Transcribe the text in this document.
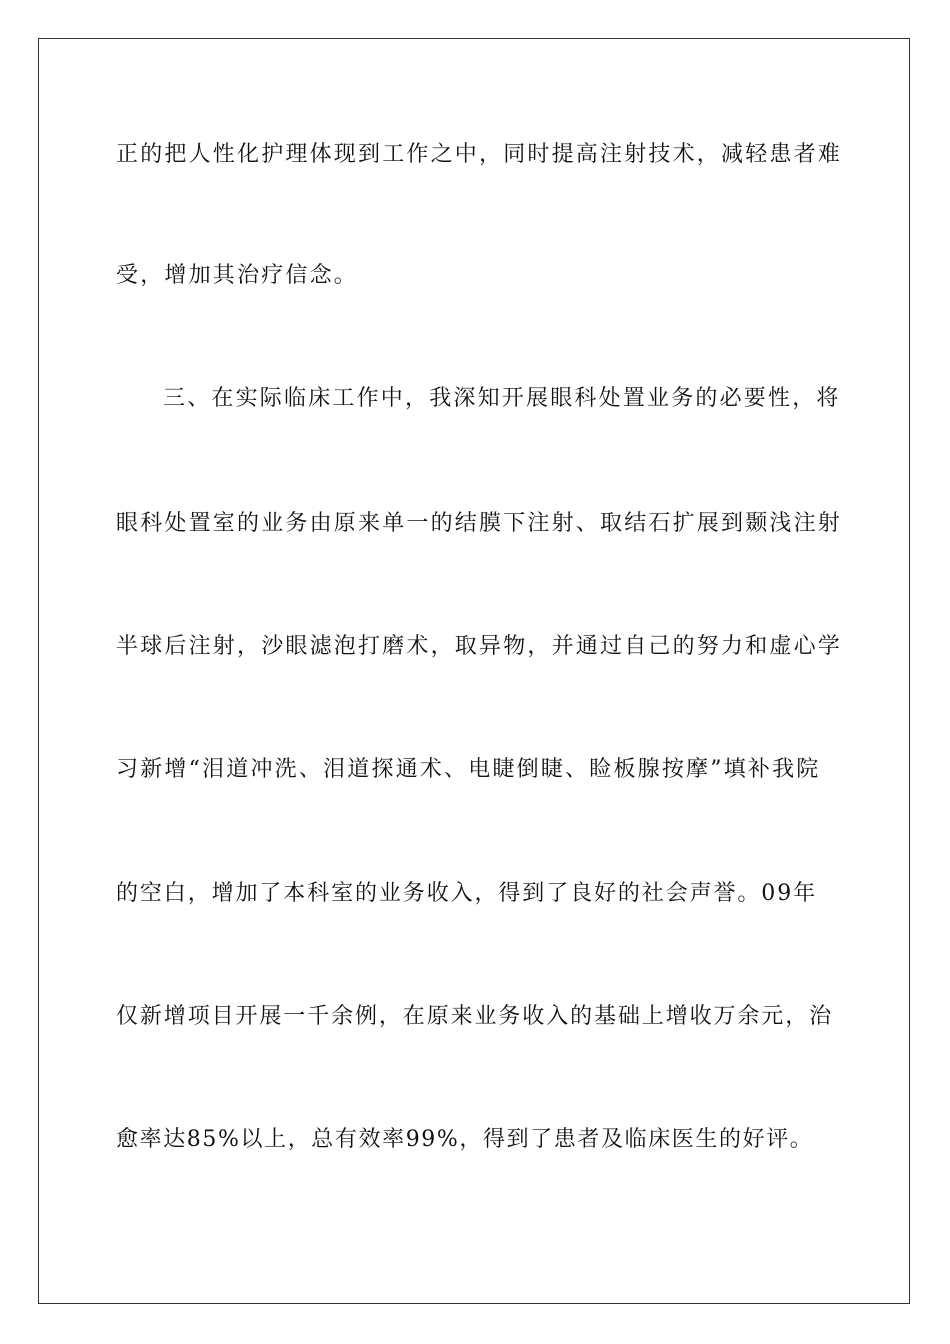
正的把人性化护理体现到工作之中，同时提高注射技术，减轻患者难
受，增加其治疗信念。
三、在实际临床工作中，我深知开展眼科处置业务的必要性，将
眼科处置室的业务由原来单一的结膜下注射、取结石扩展到颞浅注射
半球后注射，沙眼滤泡打磨术，取异物，并通过自己的努力和虚心学
习新增“泪道冲洗、泪道探通术、电睫倒睫、睑板腺按摩”填补我院
的空白，增加了本科室的业务收入，得到了良好的社会声誉。09年
仅新增项目开展一千余例，在原来业务收入的基础上增收万余元，治
愈率达85%以上，总有效率99%，得到了患者及临床医生的好评。
